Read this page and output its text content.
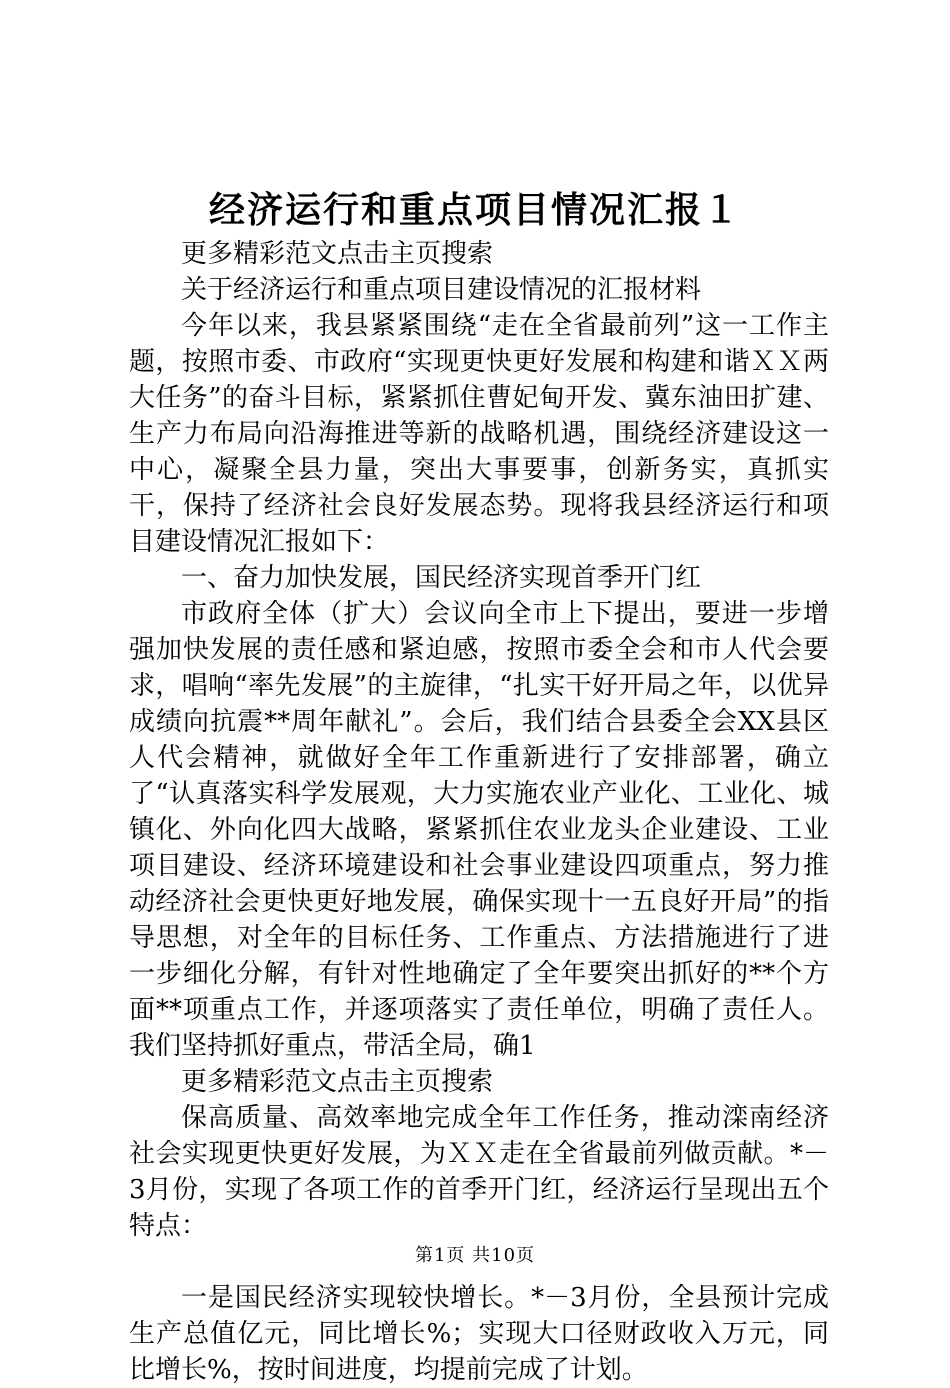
经济运行和重点项目情况汇报１

更多精彩范文点击主页搜索

关于经济运行和重点项目建设情况的汇报材料

今年以来，我县紧紧围绕“走在全省最前列”这一工作主题，按照市委、市政府“实现更快更好发展和构建和谐ＸＸ两大任务”的奋斗目标，紧紧抓住曹妃甸开发、冀东油田扩建、生产力布局向沿海推进等新的战略机遇，围绕经济建设这一中心，凝聚全县力量，突出大事要事，创新务实，真抓实干，保持了经济社会良好发展态势。现将我县经济运行和项目建设情况汇报如下：

一、奋力加快发展，国民经济实现首季开门红

市政府全体（扩大）会议向全市上下提出，要进一步增强加快发展的责任感和紧迫感，按照市委全会和市人代会要求，唱响“率先发展”的主旋律，“扎实干好开局之年，以优异成绩向抗震**周年献礼”。会后，我们结合县委全会XX县区人代会精神，就做好全年工作重新进行了安排部署，确立了“认真落实科学发展观，大力实施农业产业化、工业化、城镇化、外向化四大战略，紧紧抓住农业龙头企业建设、工业项目建设、经济环境建设和社会事业建设四项重点，努力推动经济社会更快更好地发展，确保实现十一五良好开局”的指导思想，对全年的目标任务、工作重点、方法措施进行了进一步细化分解，有针对性地确定了全年要突出抓好的**个方面**项重点工作，并逐项落实了责任单位，明确了责任人。我们坚持抓好重点，带活全局，确1

更多精彩范文点击主页搜索

保高质量、高效率地完成全年工作任务，推动滦南经济社会实现更快更好发展，为ＸＸ走在全省最前列做贡献。*－3月份，实现了各项工作的首季开门红，经济运行呈现出五个特点：

一是国民经济实现较快增长。*－3月份，全县预计完成生产总值亿元，同比增长%；实现大口径财政收入万元，同比增长%，按时间进度，均提前完成了计划。

第1页 共10页
